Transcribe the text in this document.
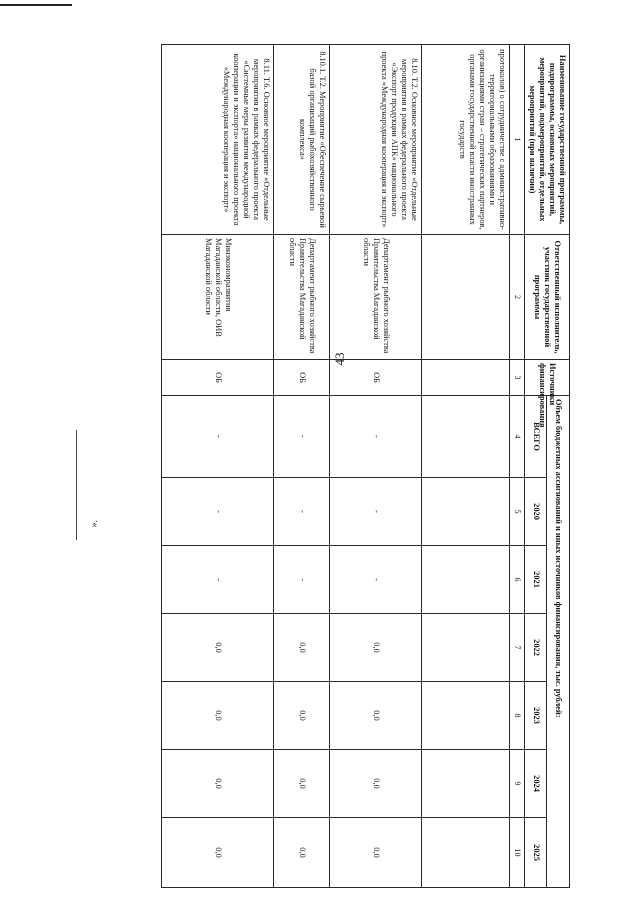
43
Наименование государственной программы, подпрограммы, основных мероприятий, мероприятий, подмероприятий, отдельных мероприятий (при наличии)	Ответственный исполнитель, участник государственной программы	Источники финансирования	Объем бюджетных ассигнований и иных источников финансирования, тыс. рублей:						
			ВСЕГО	2020	2021	2022	2023	2024	2025
1	2	3	4	5	6	7	8	9	10
протоколов) о сотрудничестве с административно-территориальными образованиями и организациями стран – стратегических партнеров, органами государственной власти иностранных государств									
8.10. Т.2. Основное мероприятие «Отдельные мероприятия в рамках федерального проекта «Экспорт продукции АПК» национального проекта «Международная кооперация и экспорт»	Департамент рыбного хозяйства Правительства Магаданской области	ОБ	-	-	-	0,0	0,0	0,0	0,0
8.10.1. Т.2. Мероприятие «Обеспечение сырьевой базой организаций рыбохозяйственного комплекса»	Департамент рыбного хозяйства Правительства Магаданской области	ОБ	-	-	-	0,0	0,0	0,0	0,0
8.11. Т.6. Основное мероприятие «Отдельные мероприятия в рамках федерального проекта «Системные меры развития международной кооперации и экспорта» национального проекта «Международная кооперация и экспорт»	Минэкономразвития Магаданской области, ОИВ Магаданской области	ОБ	-	-	-	0,0	0,0	0,0	0,0
».
